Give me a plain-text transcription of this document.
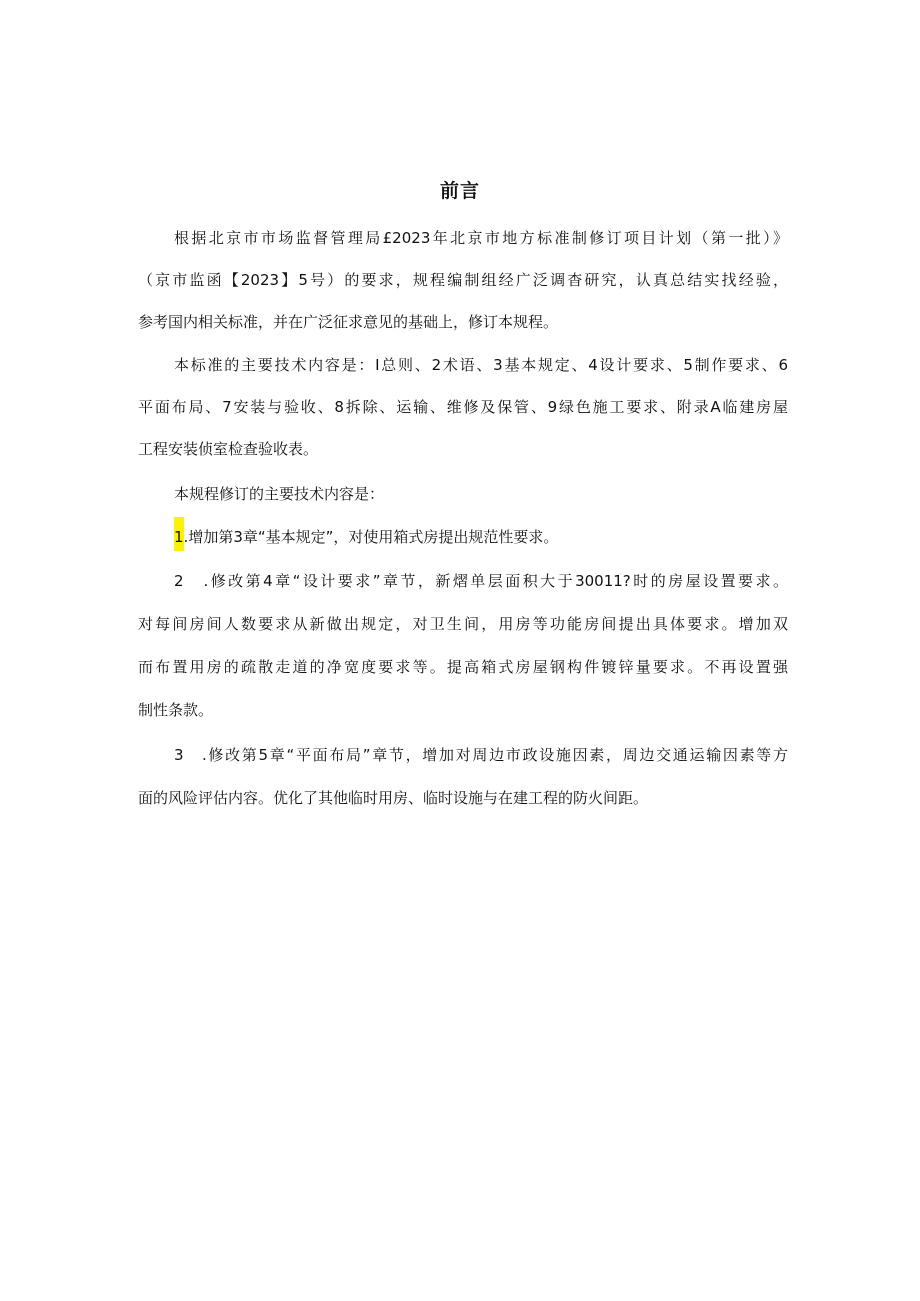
前言

根据北京市市场监督管理局£2023年北京市地方标准制修订项目计划（第一批）》

（京市监函【2023】5号）的要求，规程编制组经广泛调杳研究，认真总结实找经验，

参考国内相关标准，并在广泛征求意见的基础上，修订本规程。

本标准的主要技术内容是：I总则、2术语、3基本规定、4设计要求、5制作要求、6

平面布局、7安装与验收、8拆除、运输、维修及保管、9绿色施工要求、附录A临建房屋

工程安装侦室检查验收表。

本规程修订的主要技术内容是：

1.增加第3章“基本规定”，对使用箱式房提出规范性要求。

2　.修改第4章“设计要求”章节，新熠单层面积大于30011?时的房屋设置要求。

对每间房间人数要求从新做出规定，对卫生间，用房等功能房间提出具体要求。增加双

而布置用房的疏散走道的净宽度要求等。提高箱式房屋钢构件镀锌量要求。不再设置强

制性条款。

3　.修改第5章“平面布局”章节，增加对周边市政设施因素，周边交通运输因素等方

面的风险评估内容。优化了其他临时用房、临时设施与在建工程的防火间距。
